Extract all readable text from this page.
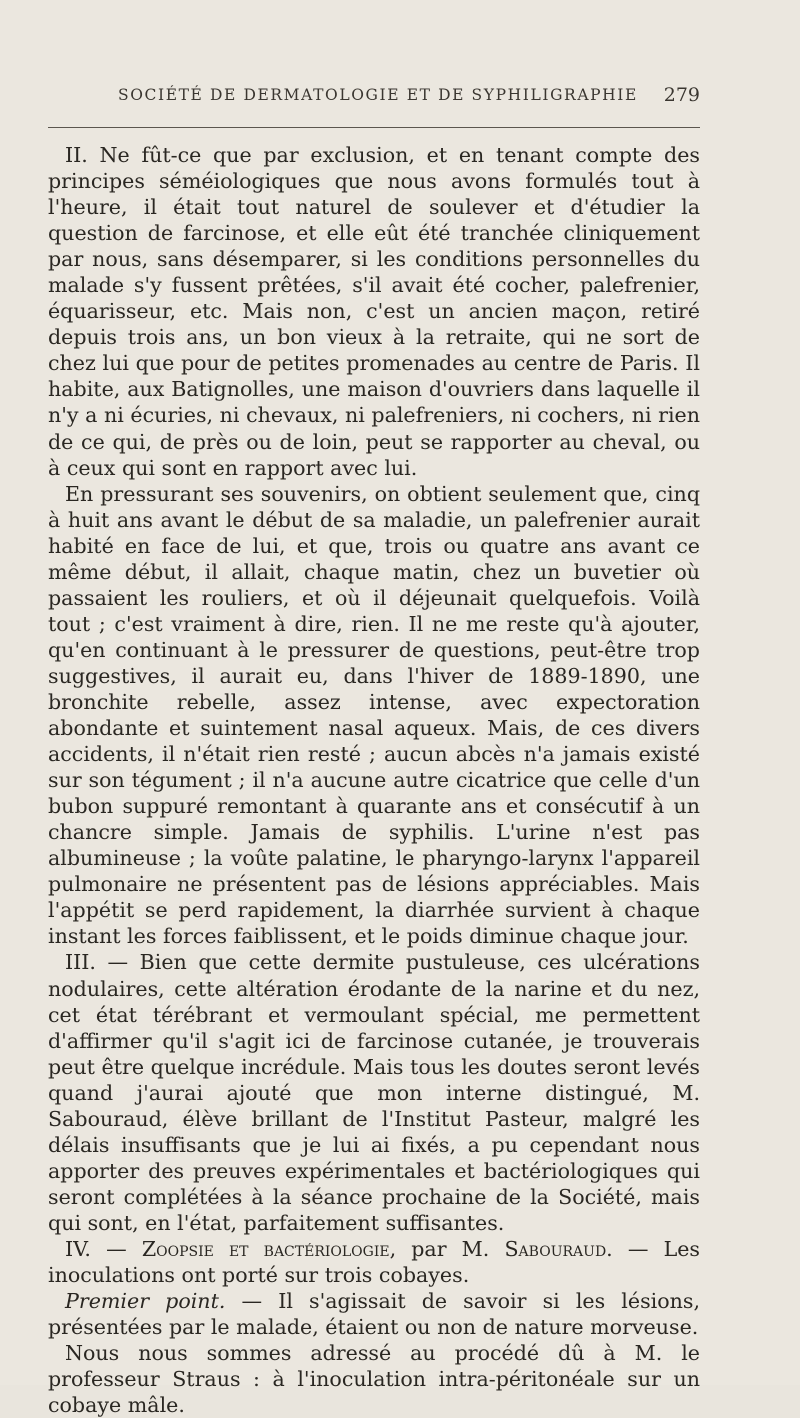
SOCIÉTÉ DE DERMATOLOGIE ET DE SYPHILIGRAPHIE 279

II. Ne fût-ce que par exclusion, et en tenant compte des principes séméiologiques que nous avons formulés tout à l'heure, il était tout naturel de soulever et d'étudier la question de farcinose, et elle eût été tranchée cliniquement par nous, sans désemparer, si les conditions personnelles du malade s'y fussent prêtées, s'il avait été cocher, palefrenier, équarisseur, etc. Mais non, c'est un ancien maçon, retiré depuis trois ans, un bon vieux à la retraite, qui ne sort de chez lui que pour de petites promenades au centre de Paris. Il habite, aux Batignolles, une maison d'ouvriers dans laquelle il n'y a ni écuries, ni chevaux, ni palefreniers, ni cochers, ni rien de ce qui, de près ou de loin, peut se rapporter au cheval, ou à ceux qui sont en rapport avec lui.

En pressurant ses souvenirs, on obtient seulement que, cinq à huit ans avant le début de sa maladie, un palefrenier aurait habité en face de lui, et que, trois ou quatre ans avant ce même début, il allait, chaque matin, chez un buvetier où passaient les rouliers, et où il déjeunait quelquefois. Voilà tout ; c'est vraiment à dire, rien. Il ne me reste qu'à ajouter, qu'en continuant à le pressurer de questions, peut-être trop suggestives, il aurait eu, dans l'hiver de 1889-1890, une bronchite rebelle, assez intense, avec expectoration abondante et suintement nasal aqueux. Mais, de ces divers accidents, il n'était rien resté ; aucun abcès n'a jamais existé sur son tégument ; il n'a aucune autre cicatrice que celle d'un bubon suppuré remontant à quarante ans et consécutif à un chancre simple. Jamais de syphilis. L'urine n'est pas albumineuse ; la voûte palatine, le pharyngo-larynx l'appareil pulmonaire ne présentent pas de lésions appréciables. Mais l'appétit se perd rapidement, la diarrhée survient à chaque instant les forces faiblissent, et le poids diminue chaque jour.

III. — Bien que cette dermite pustuleuse, ces ulcérations nodulaires, cette altération érodante de la narine et du nez, cet état térébrant et vermoulant spécial, me permettent d'affirmer qu'il s'agit ici de farcinose cutanée, je trouverais peut être quelque incrédule. Mais tous les doutes seront levés quand j'aurai ajouté que mon interne distingué, M. Sabouraud, élève brillant de l'Institut Pasteur, malgré les délais insuffisants que je lui ai fixés, a pu cependant nous apporter des preuves expérimentales et bactériologiques qui seront complétées à la séance prochaine de la Société, mais qui sont, en l'état, parfaitement suffisantes.

IV. — Zoopsie et bactériologie, par M. Sabouraud. — Les inoculations ont porté sur trois cobayes.

Premier point. — Il s'agissait de savoir si les lésions, présentées par le malade, étaient ou non de nature morveuse.

Nous nous sommes adressé au procédé dû à M. le professeur Straus : à l'inoculation intra-péritonéale sur un cobaye mâle.
